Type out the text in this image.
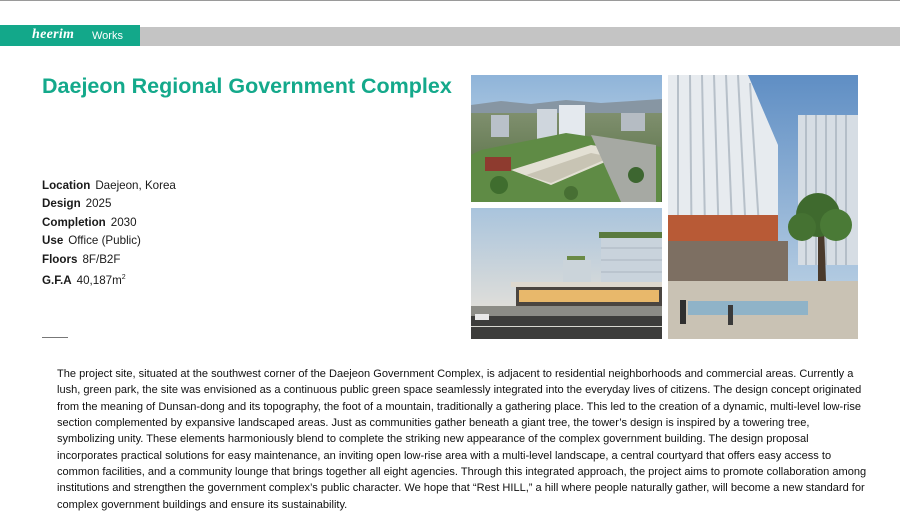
heerim Works
Daejeon Regional Government Complex
Location Daejeon, Korea
Design 2025
Completion 2030
Use Office (Public)
Floors 8F/B2F
G.F.A $40,187m^2$
The project site, situated at the southwest corner of the Daejeon Government Complex, is adjacent to residential neighborhoods and commercial areas. Currently a lush, green park, the site was envisioned as a continuous public green space seamlessly integrated into the everyday lives of citizens. The design concept originated from the meaning of Dunsan-dong and its topography, the foot of a mountain, traditionally a gathering place. This led to the creation of a dynamic, multi-level low-rise section complemented by expansive landscaped areas. Just as communities gather beneath a giant tree, the tower’s design is inspired by a towering tree, symbolizing unity. These elements harmoniously blend to complete the striking new appearance of the complex government building. The design proposal incorporates practical solutions for easy maintenance, an inviting open low-rise area with a multi-level landscape, a central courtyard that offers easy access to common facilities, and a community lounge that brings together all eight agencies. Through this integrated approach, the project aims to promote collaboration among institutions and strengthen the government complex’s public character. We hope that “Rest HILL,” a hill where people naturally gather, will become a new standard for complex government buildings and ensure its sustainability.
